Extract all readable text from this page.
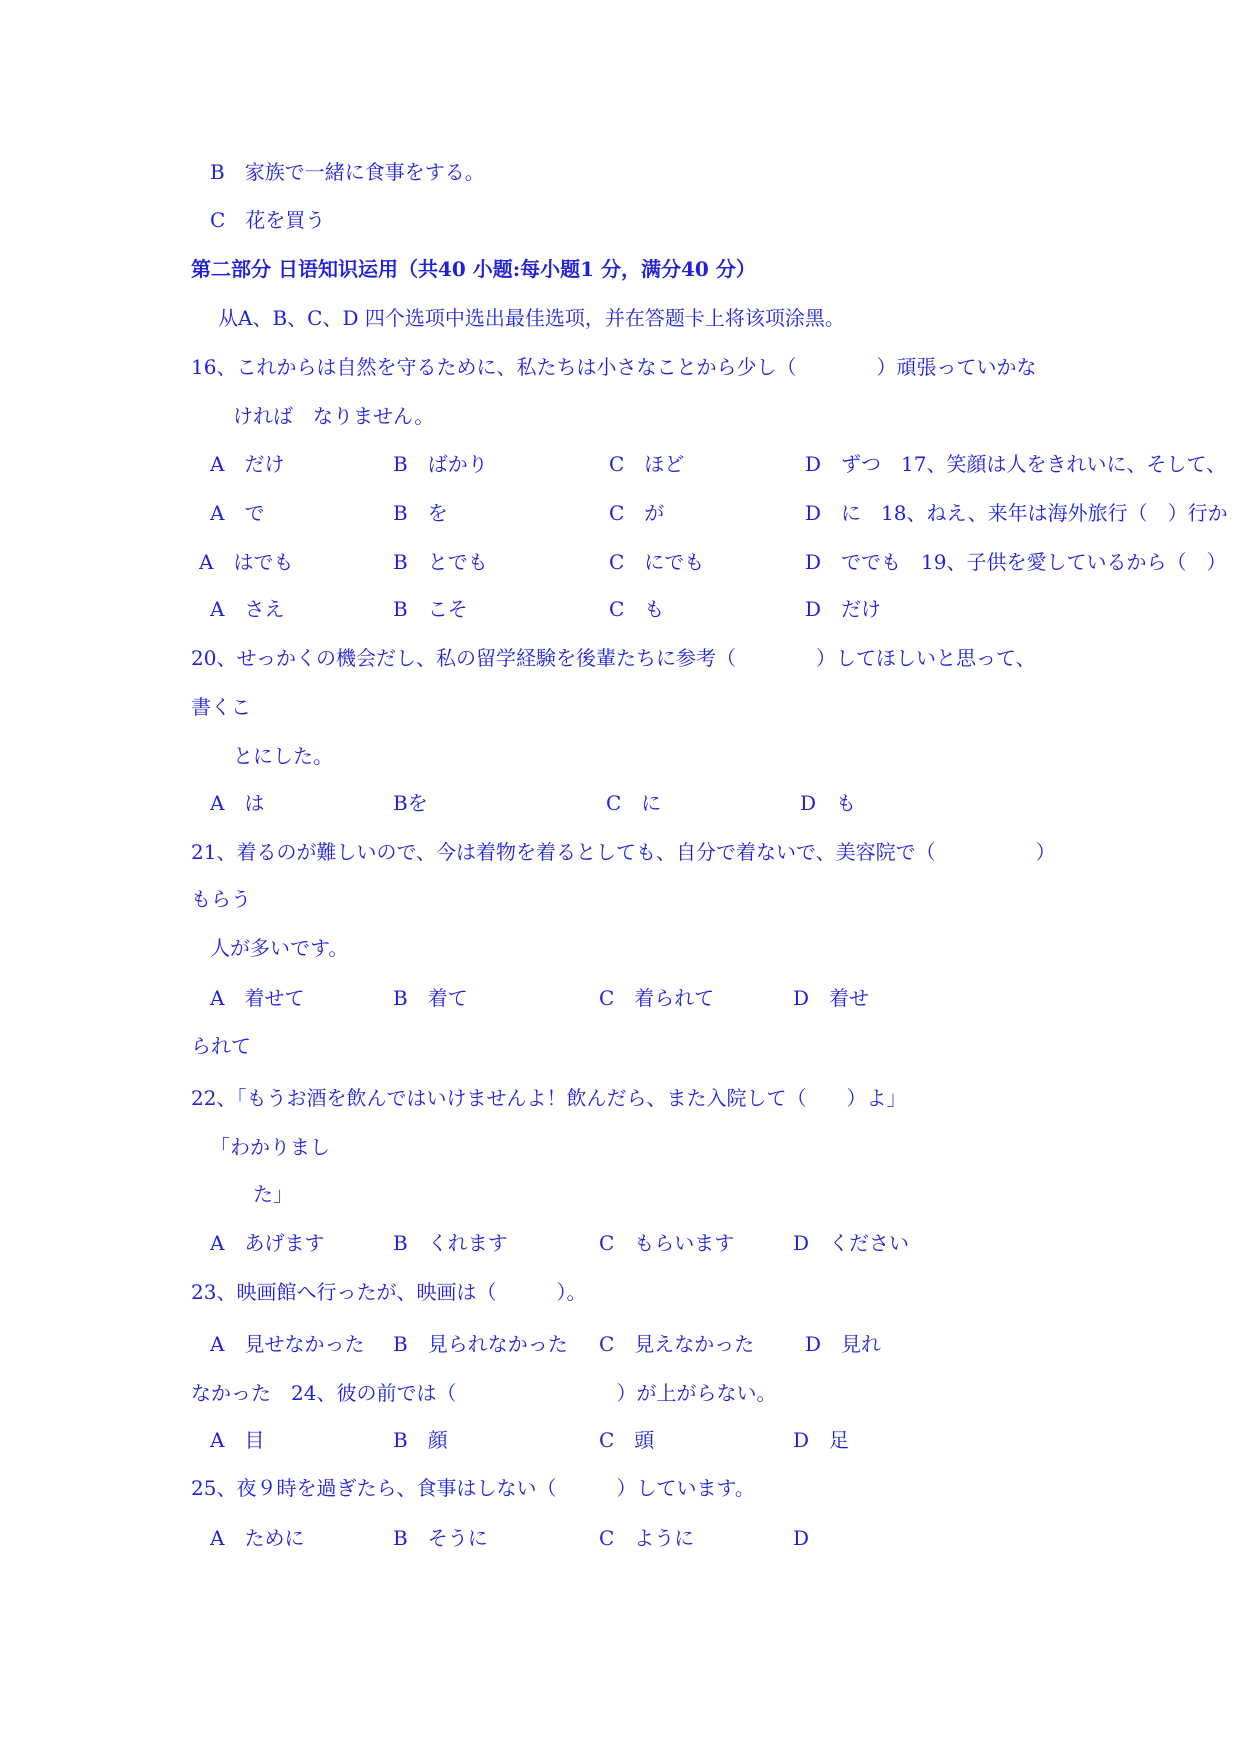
B　家族で一緒に食事をする。
C　花を買う
第二部分 日语知识运用（共40 小题:每小题1 分，满分40 分）
从A、B、C、D 四个选项中选出最佳选项，并在答题卡上将该项涂黑。
16、これからは自然を守るために、私たちは小さなことから少し（　　　　）頑張っていかな
ければ　なりません。
A　だけ	B　ばかり	C　ほど	D　ずつ　17、笑顔は人をきれいに、そして、
A　で	B　を	C　が	D　に　18、ねえ、来年は海外旅行（　）行か
A　はでも	B　とでも	C　にでも	D　ででも　19、子供を愛しているから（　）
A　さえ	B　こそ	C　も	D　だけ
20、せっかくの機会だし、私の留学経験を後輩たちに参考（　　　　）してほしいと思って、
書くこ
とにした。
A　は	Bを	C　に	D　も
21、着るのが難しいので、今は着物を着るとしても、自分で着ないで、美容院で（　　　　　）
もらう
人が多いです。
A　着せて	B　着て	C　着られて	D　着せ
られて
22、「もうお酒を飲んではいけませんよ！飲んだら、また入院して（　　）よ」
「わかりまし
た」
A　あげます	B　くれます	C　もらいます	D　ください
23、映画館へ行ったが、映画は（　　　）。
A　見せなかった B　見られなかった C　見えなかった	D　見れ
なかった　24、彼の前では（　　　　　　　　）が上がらない。
A　目	B　顔	C　頭	D　足
25、夜９時を過ぎたら、食事はしない（　　　）しています。
A　ために	B　そうに	C　ように	D
